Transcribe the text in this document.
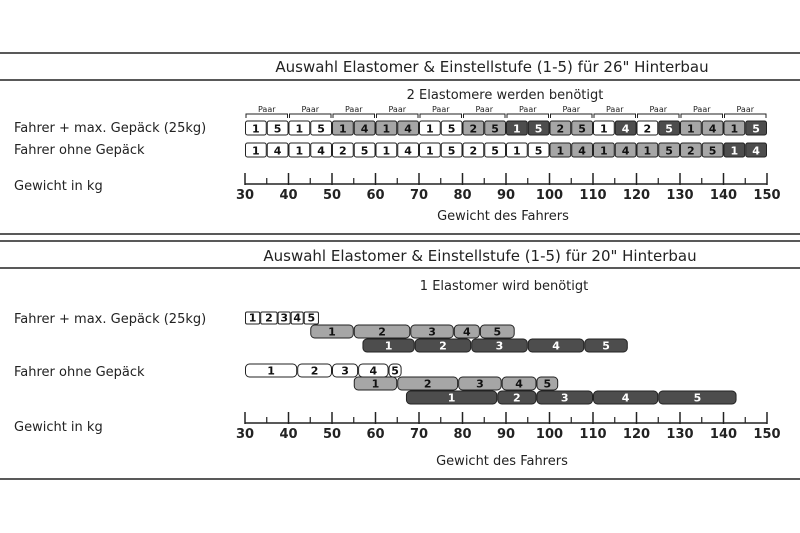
Auswahl Elastomer & Einstellstufe (1-5) für 26" Hinterbau
2 Elastomere werden benötigt
Fahrer + max. Gepäck (25kg)
Fahrer ohne Gepäck
Gewicht in kg
Gewicht des Fahrers
Paar	Paar	Paar	Paar	Paar	Paar	Paar	Paar	Paar	Paar	Paar	Paar
1 5 1 5 1 4 1 4 1 5 2 5 1 5 2 5 1 4 2 5 1 4 1 5
1 4 1 4 2 5 1 4 1 5 2 5 1 5 1 4 1 4 1 5 2 5 1 4
30 40 50 60 70 80 90 100 110 120 130 140 150
Auswahl Elastomer & Einstellstufe (1-5) für 20" Hinterbau
1 Elastomer wird benötigt
Fahrer + max. Gepäck (25kg)
Fahrer ohne Gepäck
Gewicht in kg
Gewicht des Fahrers
1 2 3 4 5
1	2	3 4 5
1	2	3	4	5
1	2 3 4 5
1	2	3	4 5
1	2	3	4	5
30 40 50 60 70 80 90 100 110 120 130 140 150
